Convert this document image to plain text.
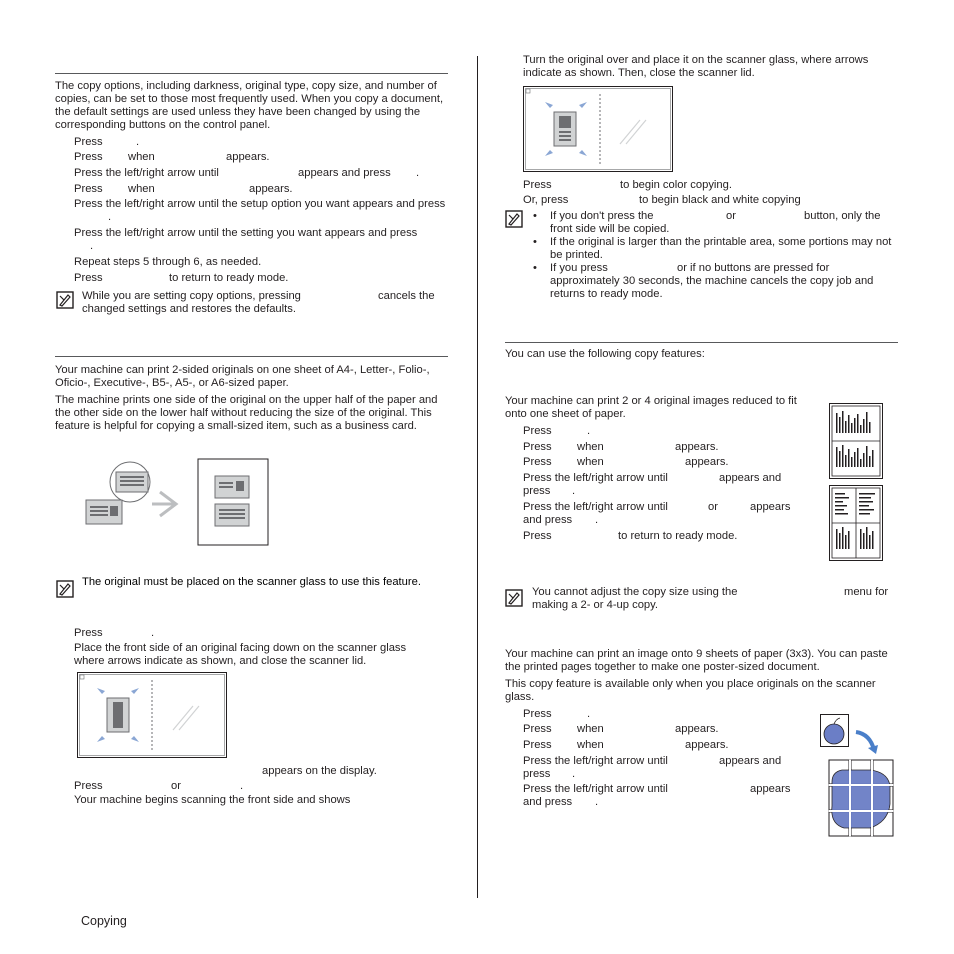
The copy options, including darkness, original type, copy size, and number of copies, can be set to those most frequently used. When you copy a document, the default settings are used unless they have been changed by using the corresponding buttons on the control panel.
Press	.
Press when	appears.
Press the left/right arrow until	appears and press .
Press when	appears.
Press the left/right arrow until the setup option you want appears and press
.
Press the left/right arrow until the setting you want appears and press
.
Repeat steps 5 through 6, as needed.
Press	to return to ready mode.
While you are setting copy options, pressing	cancels the

changed settings and restores the defaults.
Your machine can print 2-sided originals on one sheet of A4-, Letter-, Folio-, Oficio-, Executive-, B5-, A5-, or A6-sized paper.
The machine prints one side of the original on the upper half of the paper and the other side on the lower half without reducing the size of the original. This feature is helpful for copying a small-sized item, such as a business card.
The original must be placed on the scanner glass to use this feature.
Press	.
Place the front side of an original facing down on the scanner glass where arrows indicate as shown, and close the scanner lid.
appears on the display.
Press	or	.
Your machine begins scanning the front side and shows
Copying
Turn the original over and place it on the scanner glass, where arrows indicate as shown. Then, close the scanner lid.
Press	to begin color copying.
Or, press	to begin black and white copying
• If you don't press the	or	button, only the
front side will be copied.
• If the original is larger than the printable area, some portions may not be printed.
• If you press	or if no buttons are pressed for
approximately 30 seconds, the machine cancels the copy job and
returns to ready mode.
You can use the following copy features:
Your machine can print 2 or 4 original images reduced to fit onto one sheet of paper.
Press	.
Press when	appears.
Press when	appears.
Press the left/right arrow until	appears and
press .
Press the left/right arrow until	or	appears
and press .
Press	to return to ready mode.
You cannot adjust the copy size using the	menu for

making a 2- or 4-up copy.
Your machine can print an image onto 9 sheets of paper (3x3). You can paste the printed pages together to make one poster-sized document.
This copy feature is available only when you place originals on the scanner glass.
Press	.
Press when	appears.
Press when	appears.
Press the left/right arrow until	appears and
press .
Press the left/right arrow until	appears
and press .
